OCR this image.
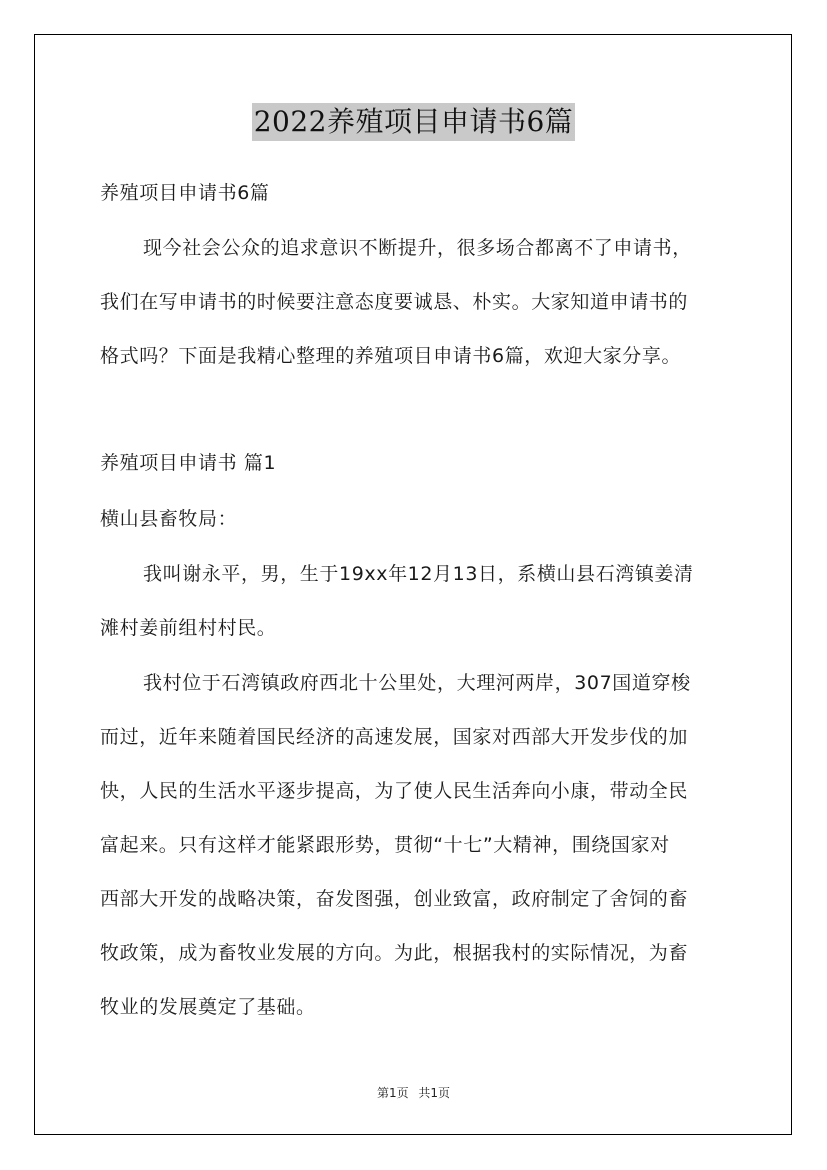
2022养殖项目申请书6篇
养殖项目申请书6篇
现今社会公众的追求意识不断提升，很多场合都离不了申请书，
我们在写申请书的时候要注意态度要诚恳、朴实。大家知道申请书的
格式吗？下面是我精心整理的养殖项目申请书6篇，欢迎大家分享。
养殖项目申请书 篇1
横山县畜牧局：
我叫谢永平，男，生于19xx年12月13日，系横山县石湾镇姜清
滩村姜前组村村民。
我村位于石湾镇政府西北十公里处，大理河两岸，307国道穿梭
而过，近年来随着国民经济的高速发展，国家对西部大开发步伐的加
快，人民的生活水平逐步提高，为了使人民生活奔向小康，带动全民
富起来。只有这样才能紧跟形势，贯彻“十七”大精神，围绕国家对
西部大开发的战略决策，奋发图强，创业致富，政府制定了舍饲的畜
牧政策，成为畜牧业发展的方向。为此，根据我村的实际情况，为畜
牧业的发展奠定了基础。
第1页 共1页
